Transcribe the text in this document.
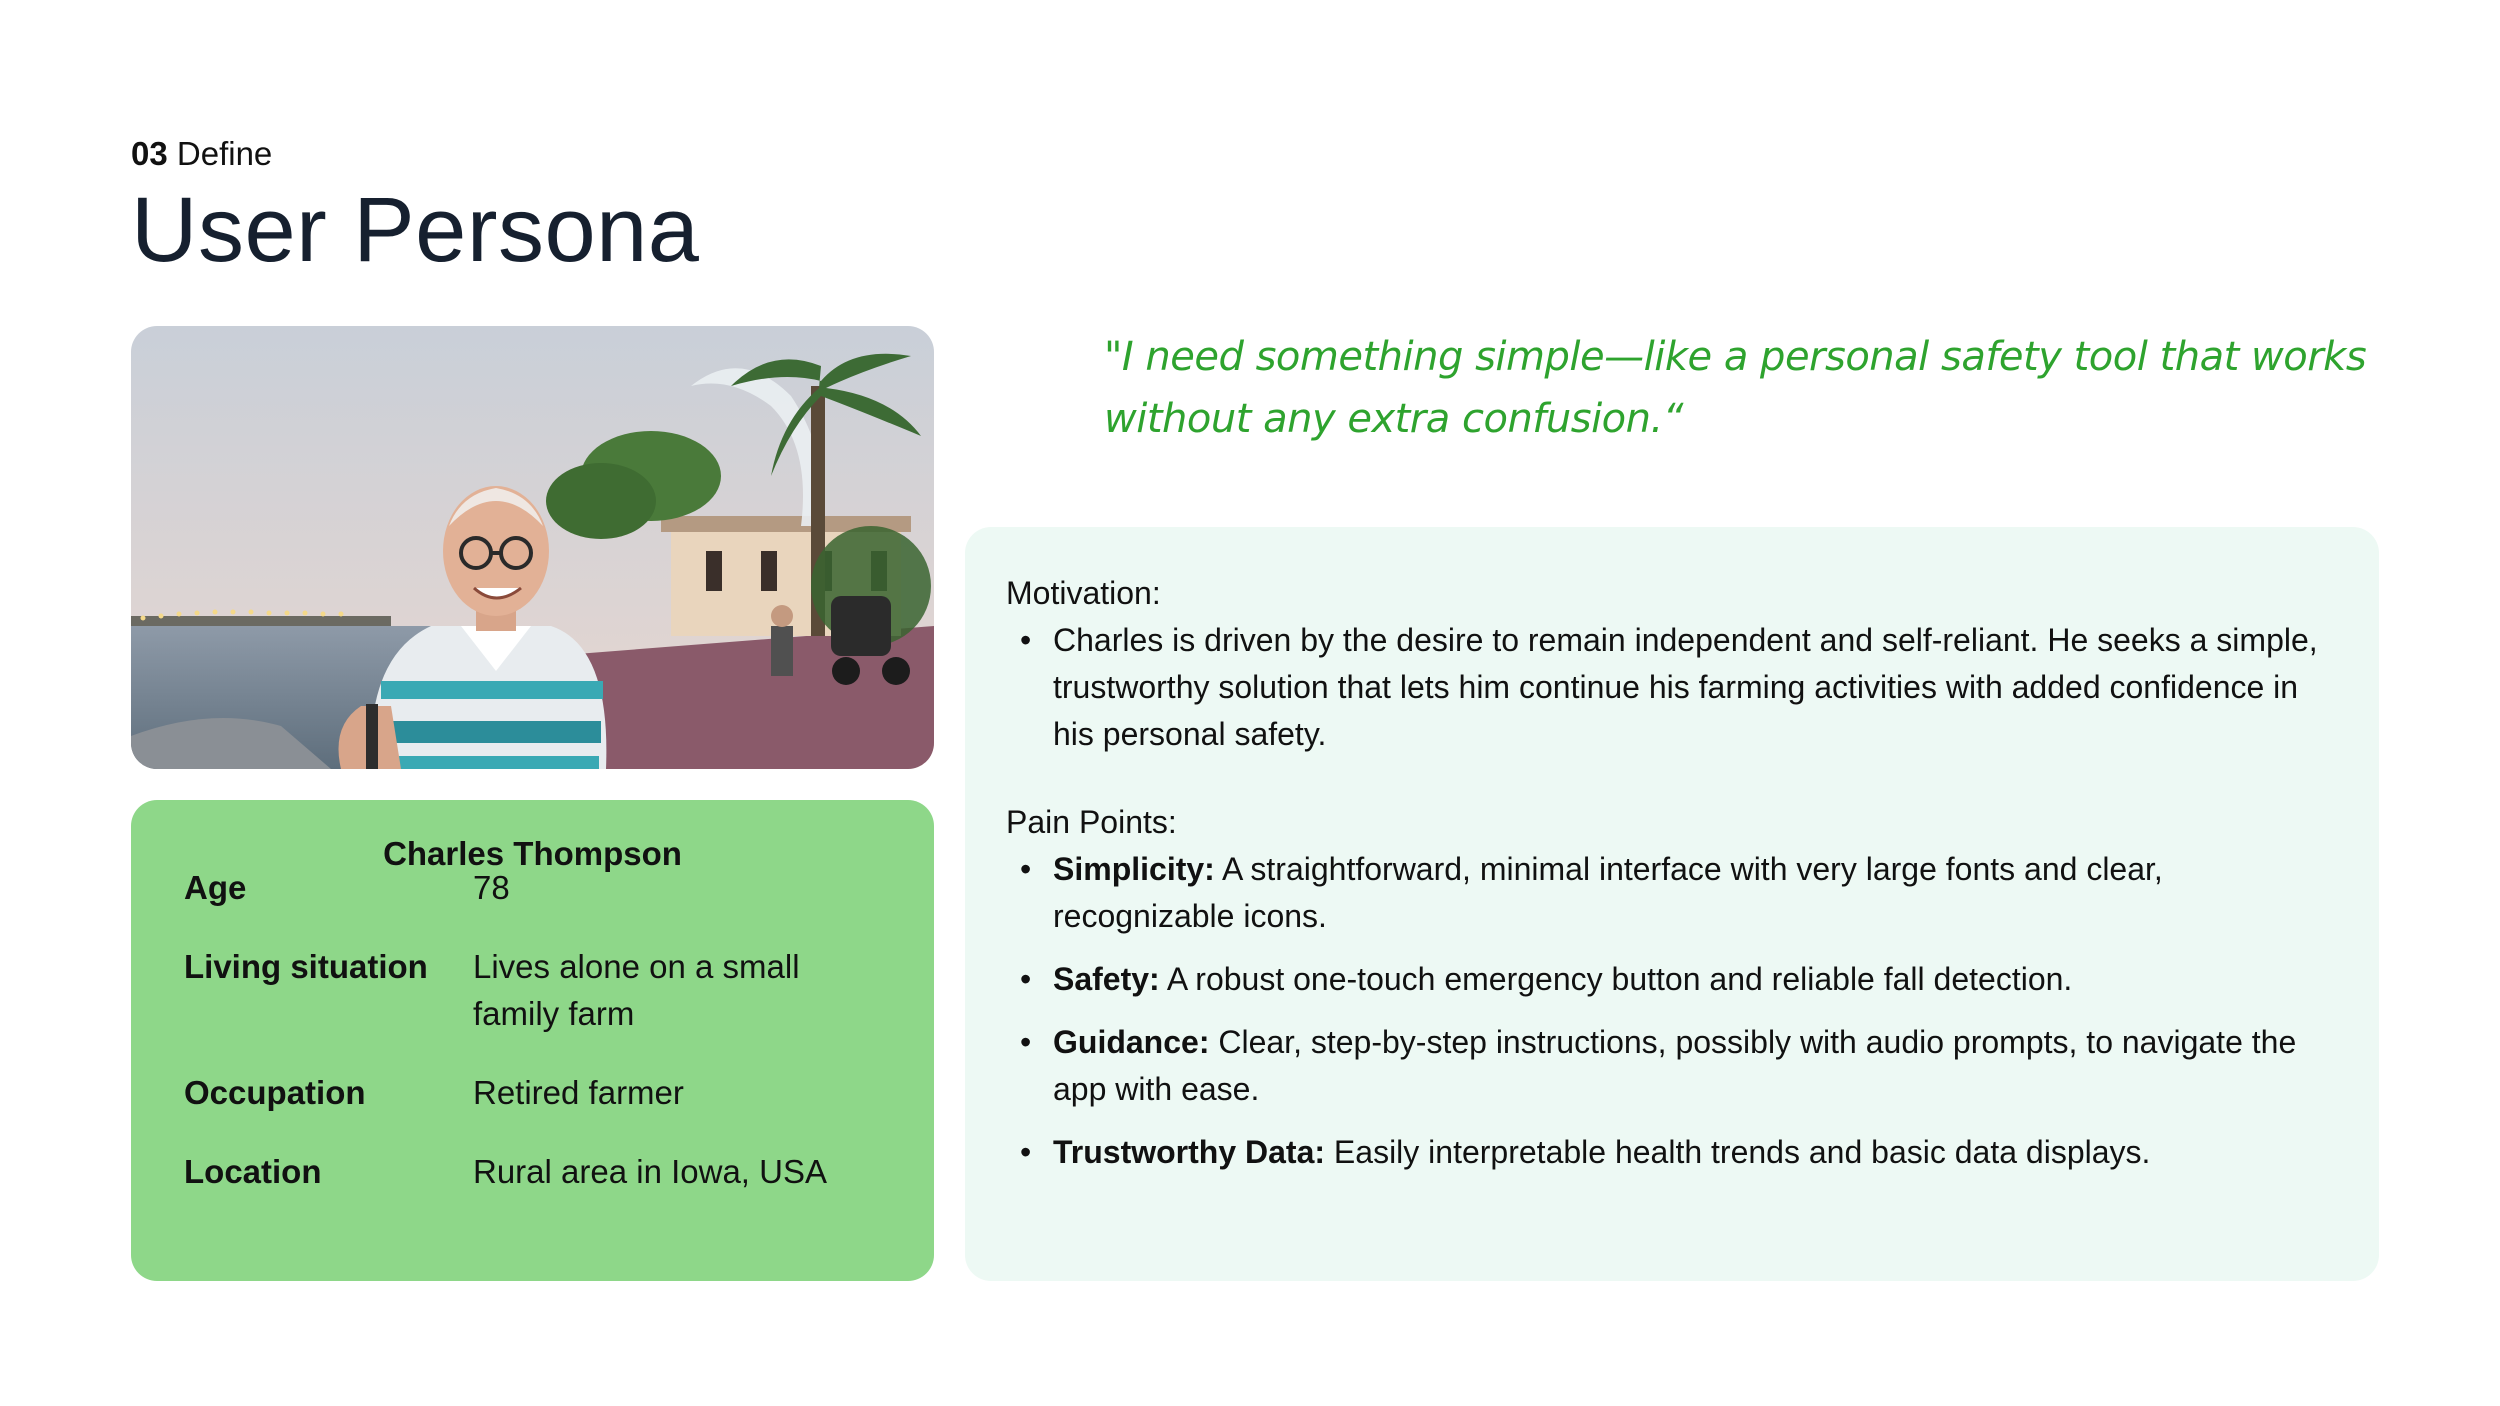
03 Define
User Persona
Charles Thompson
Age	78
Living situation	Lives alone on a small family farm
Occupation	Retired farmer
Location	Rural area in Iowa, USA
"I need something simple—like a personal safety tool that works without any extra confusion.“
Motivation:
• Charles is driven by the desire to remain independent and self-reliant. He seeks a simple, trustworthy solution that lets him continue his farming activities with added confidence in his personal safety.
Pain Points:
• Simplicity: A straightforward, minimal interface with very large fonts and clear, recognizable icons.
• Safety: A robust one-touch emergency button and reliable fall detection.
• Guidance: Clear, step-by-step instructions, possibly with audio prompts, to navigate the app with ease.
• Trustworthy Data: Easily interpretable health trends and basic data displays.
